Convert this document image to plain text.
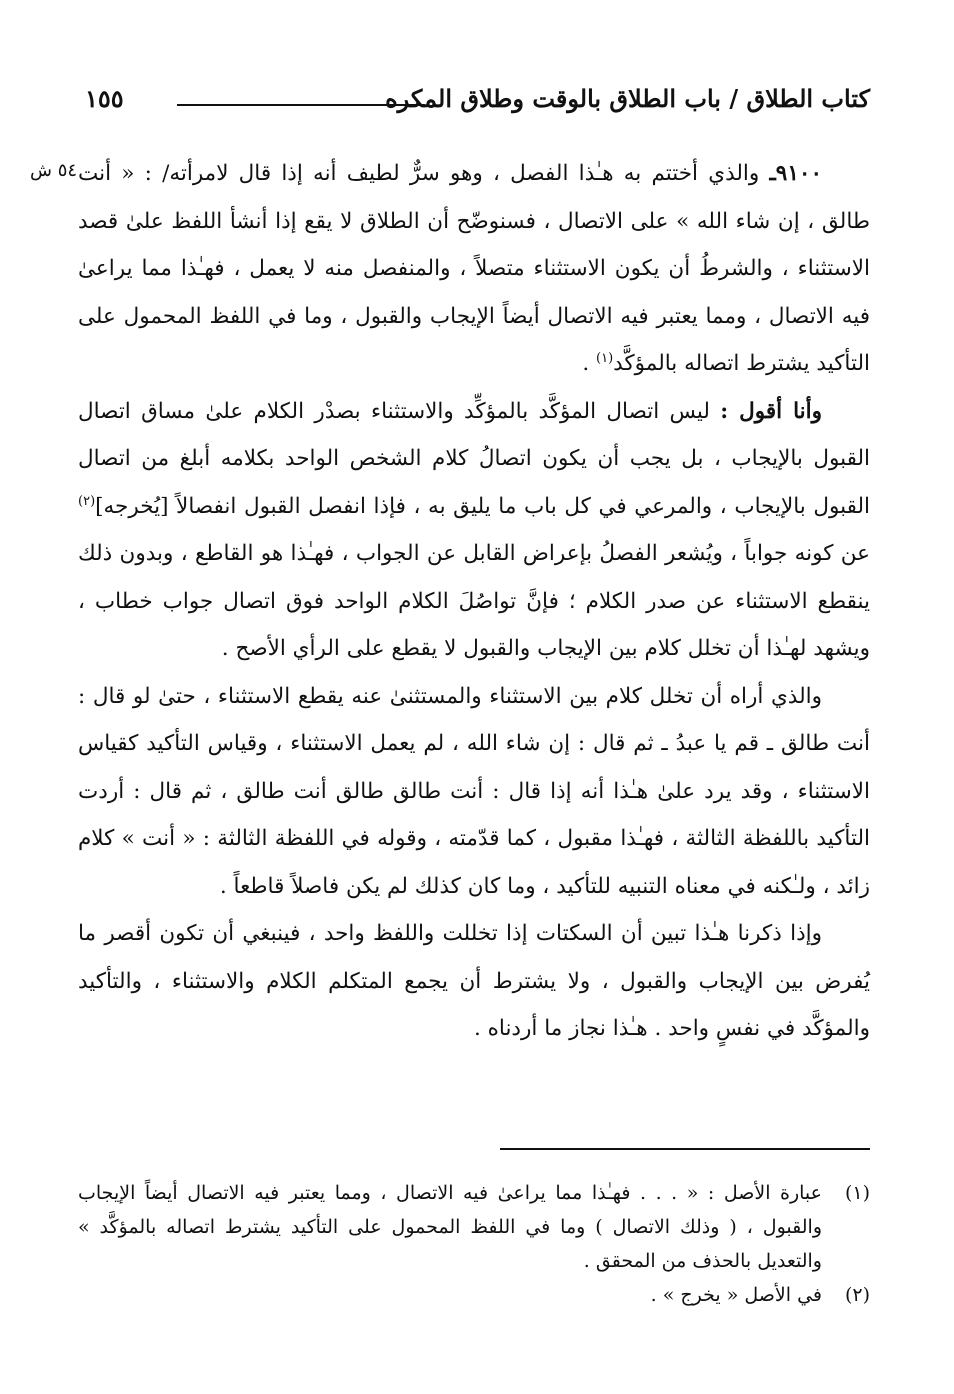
كتاب الطلاق / باب الطلاق بالوقت وطلاق المكره
١٥٥
٥٤ ش	٩١٠٠ـ والذي أختتم به هـٰذا الفصل ، وهو سرٌّ لطيف أنه إذا قال لامرأته/ : « أنت طالق ، إن شاء الله » على الاتصال ، فسنوضّح أن الطلاق لا يقع إذا أنشأ اللفظ علىٰ قصد الاستثناء ، والشرطُ أن يكون الاستثناء متصلاً ، والمنفصل منه لا يعمل ، فهـٰذا مما يراعىٰ فيه الاتصال ، ومما يعتبر فيه الاتصال أيضاً الإيجاب والقبول ، وما في اللفظ المحمول على التأكيد يشترط اتصاله بالمؤكَّد$^{(١)}$ .

وأنا أقول : ليس اتصال المؤكَّد بالمؤكِّد والاستثناء بصدْر الكلام علىٰ مساق اتصال القبول بالإيجاب ، بل يجب أن يكون اتصالُ كلام الشخص الواحد بكلامه أبلغ من اتصال القبول بالإيجاب ، والمرعي في كل باب ما يليق به ، فإذا انفصل القبول انفصالاً [يُخرجه]$^{(٢)}$ عن كونه جواباً ، ويُشعر الفصلُ بإعراض القابل عن الجواب ، فهـٰذا هو القاطع ، وبدون ذلك ينقطع الاستثناء عن صدر الكلام ؛ فإنَّ تواصُلَ الكلام الواحد فوق اتصال جواب خطاب ، ويشهد لهـٰذا أن تخلل كلام بين الإيجاب والقبول لا يقطع على الرأي الأصح .

والذي أراه أن تخلل كلام بين الاستثناء والمستثنىٰ عنه يقطع الاستثناء ، حتىٰ لو قال : أنت طالق ـ قم يا عبدُ ـ ثم قال : إن شاء الله ، لم يعمل الاستثناء ، وقياس التأكيد كقياس الاستثناء ، وقد يرد علىٰ هـٰذا أنه إذا قال : أنت طالق طالق أنت طالق ، ثم قال : أردت التأكيد باللفظة الثالثة ، فهـٰذا مقبول ، كما قدّمته ، وقوله في اللفظة الثالثة : « أنت » كلام زائد ، ولـٰكنه في معناه التنبيه للتأكيد ، وما كان كذلك لم يكن فاصلاً قاطعاً .

وإذا ذكرنا هـٰذا تبين أن السكتات إذا تخللت واللفظ واحد ، فينبغي أن تكون أقصر ما يُفرض بين الإيجاب والقبول ، ولا يشترط أن يجمع المتكلم الكلام والاستثناء ، والتأكيد والمؤكَّد في نفسٍ واحد . هـٰذا نجاز ما أردناه .

(١)
عبارة الأصل : « . . . فهـٰذا مما يراعىٰ فيه الاتصال ، ومما يعتبر فيه الاتصال أيضاً الإيجاب والقبول ، ( وذلك الاتصال ) وما في اللفظ المحمول على التأكيد يشترط اتصاله بالمؤكَّد » والتعديل بالحذف من المحقق .
(٢)
في الأصل « يخرج » .
